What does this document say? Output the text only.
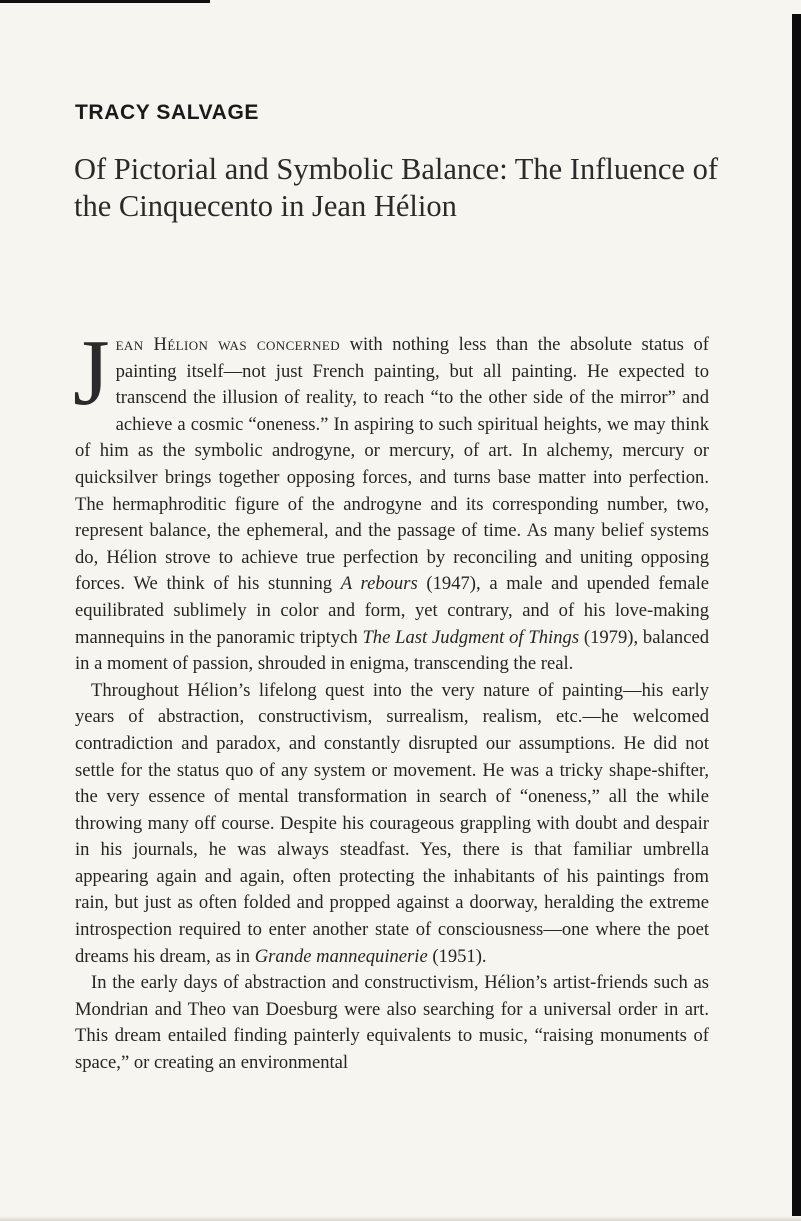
TRACY SALVAGE
Of Pictorial and Symbolic Balance: The Influence of the Cinquecento in Jean Hélion

Jean Hélion was concerned with nothing less than the absolute status of painting itself—not just French painting, but all painting. He expected to transcend the illusion of reality, to reach “to the other side of the mirror” and achieve a cosmic “oneness.” In aspiring to such spiritual heights, we may think of him as the symbolic androgyne, or mercury, of art. In alchemy, mercury or quicksilver brings together opposing forces, and turns base matter into perfection. The hermaphroditic figure of the androgyne and its corresponding number, two, represent balance, the ephemeral, and the passage of time. As many belief systems do, Hélion strove to achieve true perfection by reconciling and uniting opposing forces. We think of his stunning A rebours (1947), a male and upended female equilibrated sublimely in color and form, yet contrary, and of his love-making mannequins in the panoramic triptych The Last Judgment of Things (1979), balanced in a moment of passion, shrouded in enigma, transcending the real.

Throughout Hélion’s lifelong quest into the very nature of painting—his early years of abstraction, constructivism, surrealism, realism, etc.—he welcomed contradiction and paradox, and constantly disrupted our assumptions. He did not settle for the status quo of any system or movement. He was a tricky shape-shifter, the very essence of mental transformation in search of “oneness,” all the while throwing many off course. Despite his courageous grappling with doubt and despair in his journals, he was always steadfast. Yes, there is that familiar umbrella appearing again and again, often protecting the inhabitants of his paintings from rain, but just as often folded and propped against a doorway, heralding the extreme introspection required to enter another state of consciousness—one where the poet dreams his dream, as in Grande mannequinerie (1951).

In the early days of abstraction and constructivism, Hélion’s artist-friends such as Mondrian and Theo van Doesburg were also searching for a universal order in art. This dream entailed finding painterly equivalents to music, “raising monuments of space,” or creating an environmental
